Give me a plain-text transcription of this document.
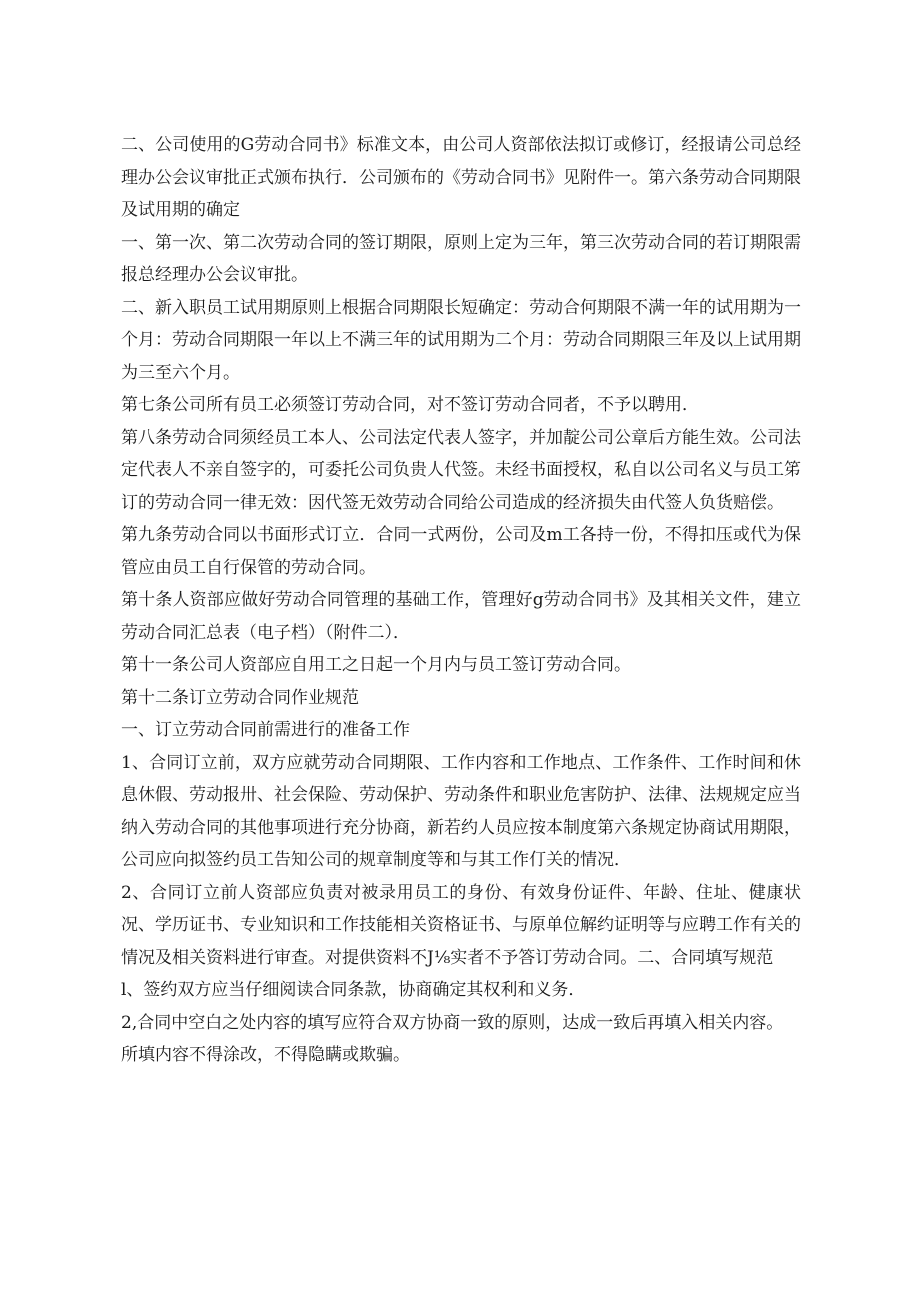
二、公司使用的G劳动合同书》标准文本，由公司人资部依法拟订或修订，经报请公司总经理办公会议审批正式颁布执行．公司颁布的《劳动合同书》见附件一。第六条劳动合同期限及试用期的确定

一、第一次、第二次劳动合同的签订期限，原则上定为三年，第三次劳动合同的若订期限需报总经理办公会议审批。

二、新入职员工试用期原则上根据合同期限长短确定：劳动合何期限不满一年的试用期为一个月：劳动合同期限一年以上不满三年的试用期为二个月：劳动合同期限三年及以上试用期为三至六个月。

第七条公司所有员工必须签订劳动合同，对不签订劳动合同者，不予以聘用．

第八条劳动合同须经员工本人、公司法定代表人签字，并加靛公司公章后方能生效。公司法定代表人不亲自签字的，可委托公司负贵人代签。未经书面授权，私自以公司名义与员工笫订的劳动合同一律无效：因代签无效劳动合同给公司造成的经济损失由代签人负货赔偿。

第九条劳动合同以书面形式订立．合同一式两份，公司及m工各持一份，不得扣压或代为保管应由员工自行保管的劳动合同。

第十条人资部应做好劳动合同管理的基础工作，管理好g劳动合同书》及其相关文件，建立劳动合同汇总表（电子档）（附件二）．

第十一条公司人资部应自用工之日起一个月内与员工签订劳动合同。

第十二条订立劳动合同作业规范

一、订立劳动合同前需进行的准备工作

1、合同订立前，双方应就劳动合同期限、工作内容和工作地点、工作条件、工作时间和休息休假、劳动报卅、社会保险、劳动保护、劳动条件和职业危害防护、法律、法规规定应当纳入劳动合同的其他事项进行充分协商，新若约人员应按本制度第六条规定协商试用期限，公司应向拟签约员工告知公司的规章制度等和与其工作仃关的情况．

2、合同订立前人资部应负责对被录用员工的身份、有效身份证件、年龄、住址、健康状况、学历证书、专业知识和工作技能相关资格证书、与原单位解约证明等与应聘工作有关的情况及相关资料进行审查。对提供资料不J⅛实者不予答订劳动合同。二、合同填写规范

l、签约双方应当仔细阅读合同条款，协商确定其权利和义务．

2,合同中空白之处内容的填写应符合双方协商一致的原则，达成一致后再填入相关内容。

所填内容不得涂改，不得隐瞒或欺骗。
